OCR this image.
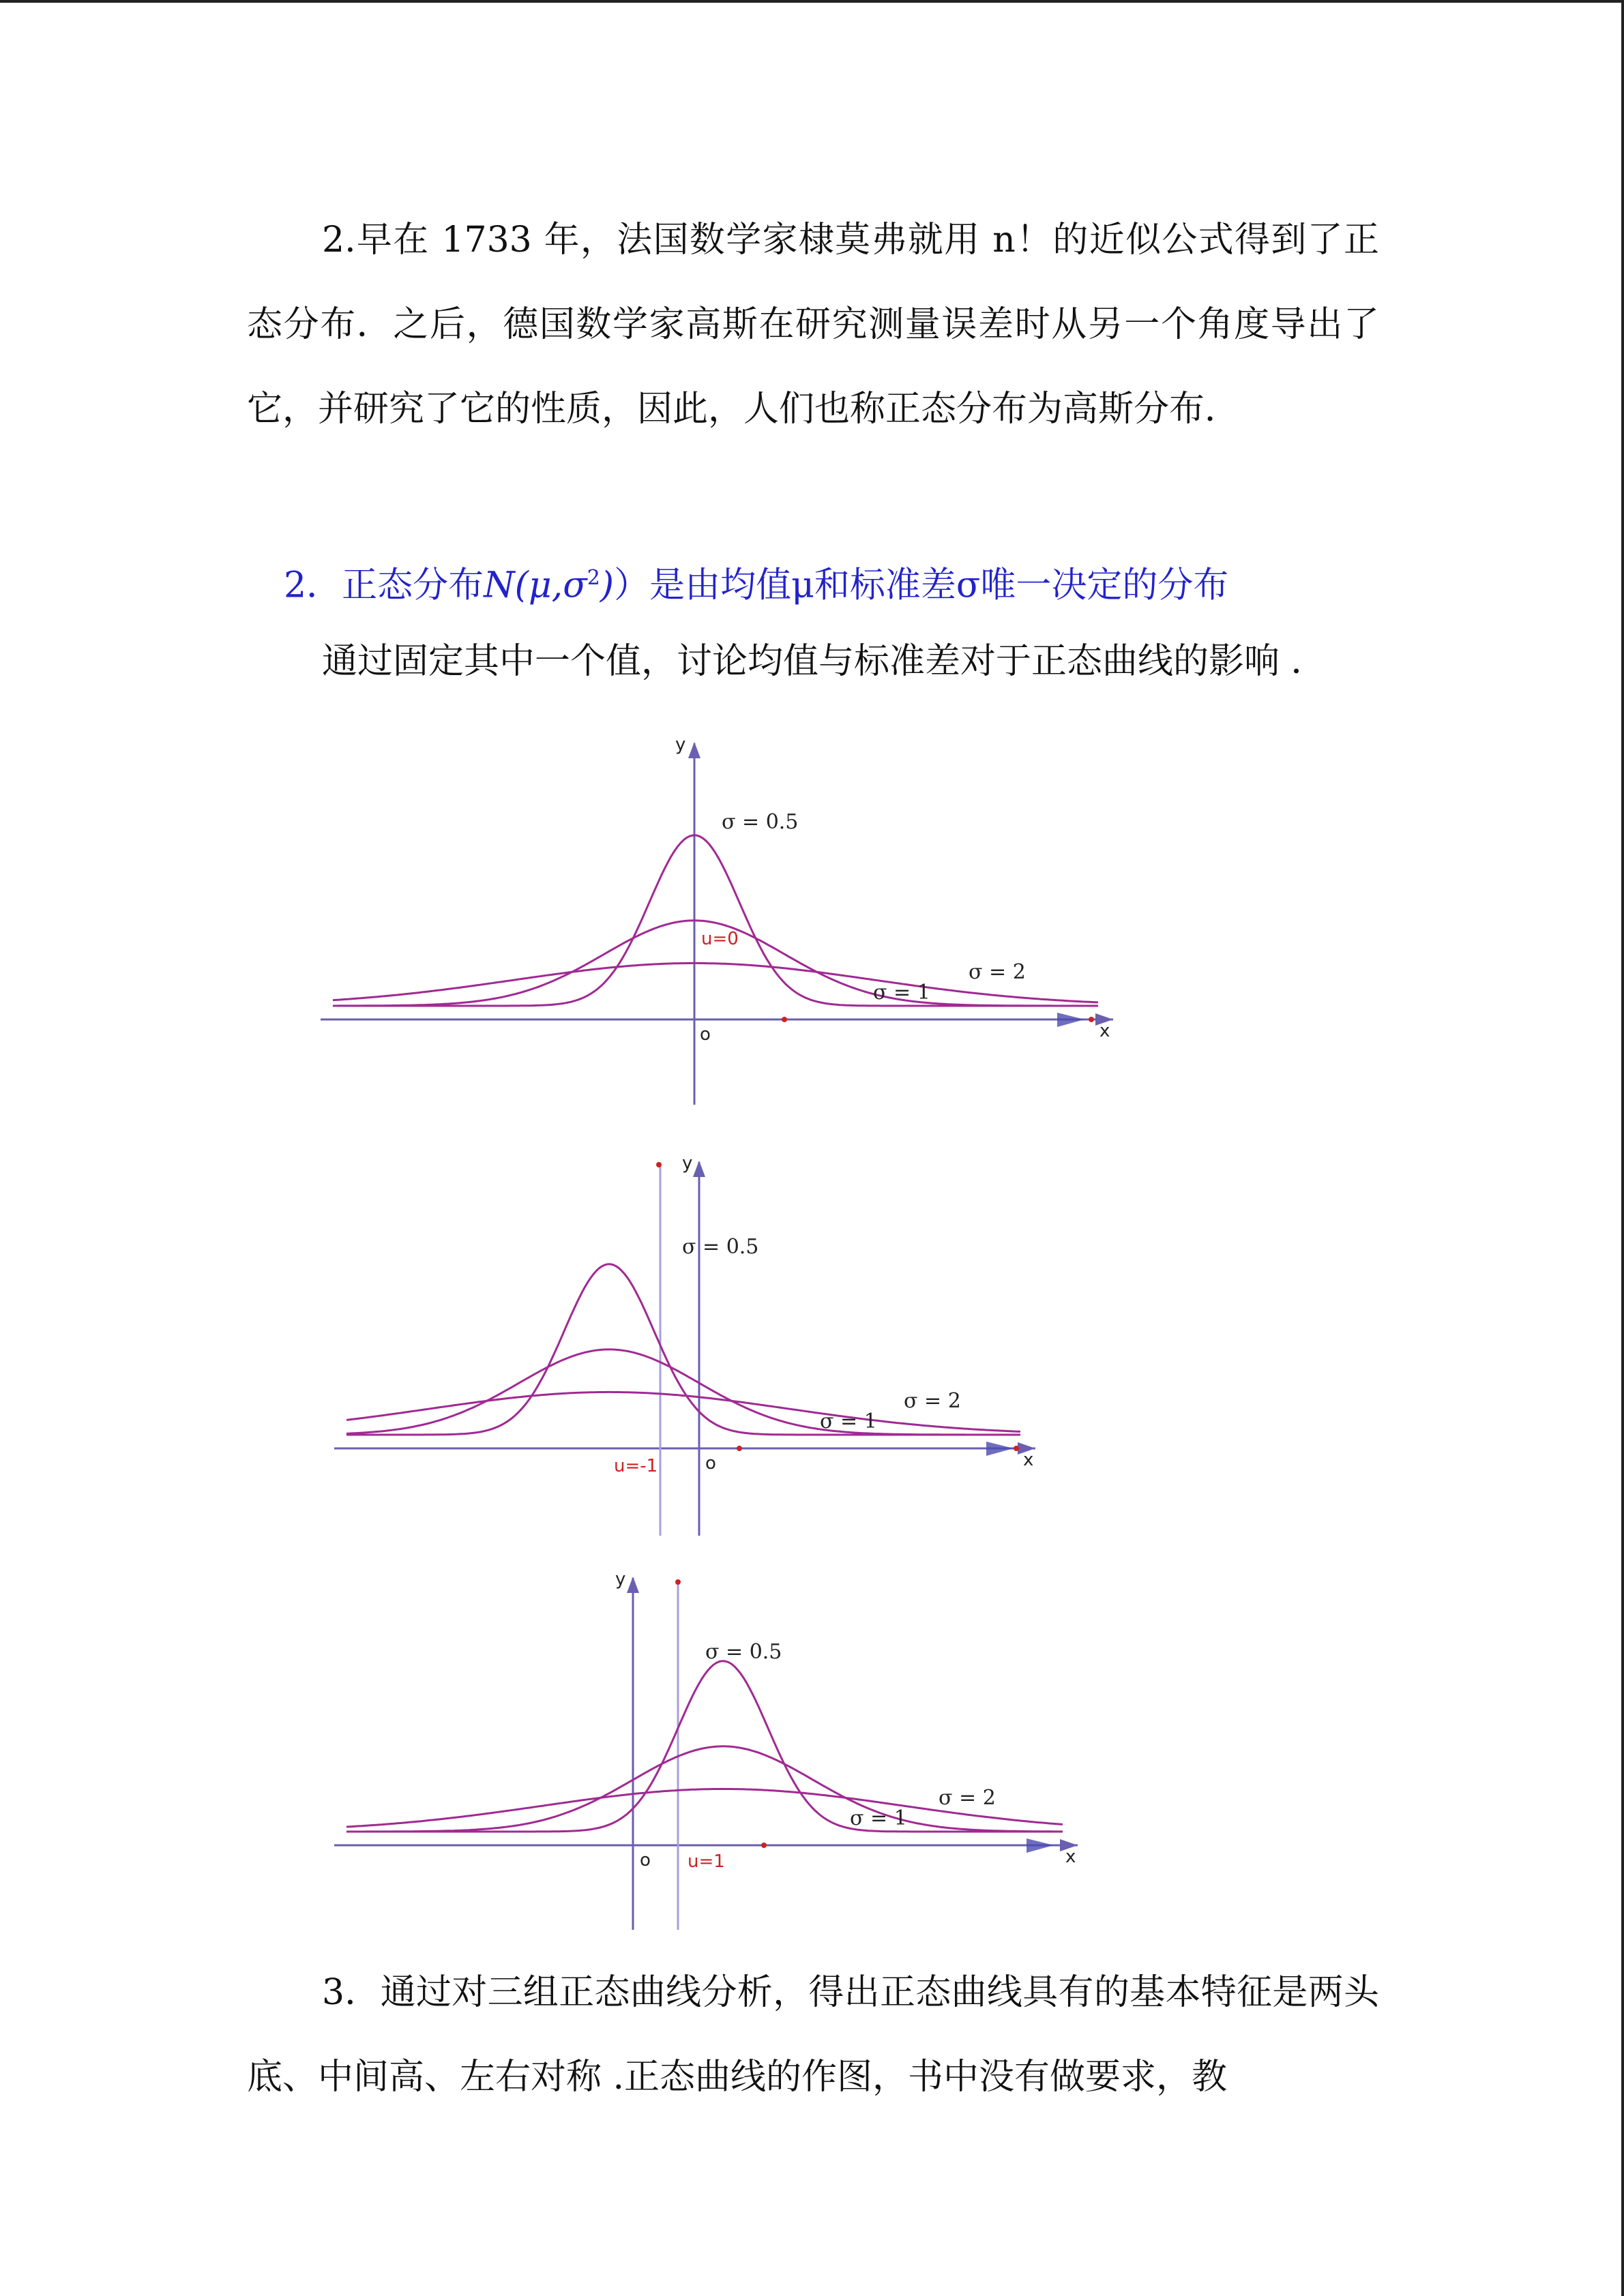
2.早在 1733 年，法国数学家棣莫弗就用 n！的近似公式得到了正态分布．之后，德国数学家高斯在研究测量误差时从另一个角度导出了它，并研究了它的性质，因此，人们也称正态分布为高斯分布．

2．正态分布$N(\mu,\sigma^2)$）是由均值μ和标准差σ唯一决定的分布
通过固定其中一个值，讨论均值与标准差对于正态曲线的影响 ．
y
x
o
u=0
σ = 0.5
σ = 1
σ = 2
y
x
o
u=-1
σ = 0.5
σ = 1
σ = 2
y
x
o u=1
σ = 0.5
σ = 1
σ = 2

3．通过对三组正态曲线分析，得出正态曲线具有的基本特征是两头底、中间高、左右对称 .正态曲线的作图，书中没有做要求，教
